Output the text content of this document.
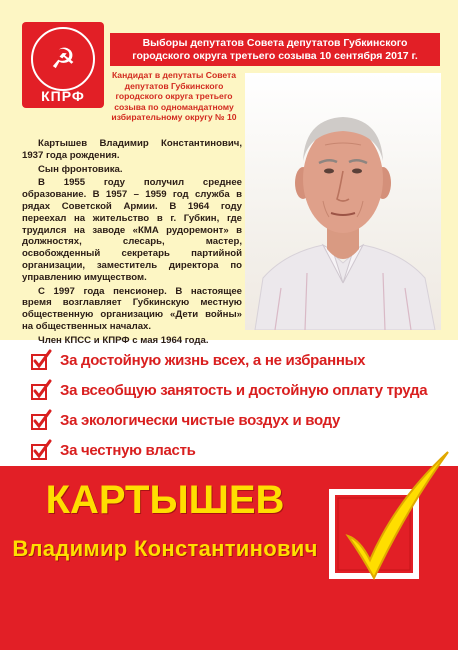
☭
КПРФ
Выборы депутатов Совета депутатов Губкинского городского округа третьего созыва 10 сентября 2017 г.
Кандидат в депутаты Совета депутатов Губкинского городского округа третьего созыва по одномандатному избирательному округу № 10

Картышев Владимир Константинович, 1937 года рождения.

Сын фронтовика.

В 1955 году получил среднее образование. В 1957 – 1959 год служба в рядах Советской Армии. В 1964 году переехал на жительство в г. Губкин, где трудился на заводе «КМА рудоремонт» в должностях, слесарь, мастер, освобожденный секретарь партийной организации, заместитель директора по управлению имуществом.

С 1997 года пенсионер. В настоящее время возглавляет Губкинскую местную общественную организацию «Дети войны» на общественных началах.

Член КПСС и КПРФ с мая 1964 года.

За достойную жизнь всех, а не избранных
За всеобщую занятость и достойную оплату труда
За экологически чистые воздух и воду
За честную власть
КАРТЫШЕВ
Владимир Константинович
